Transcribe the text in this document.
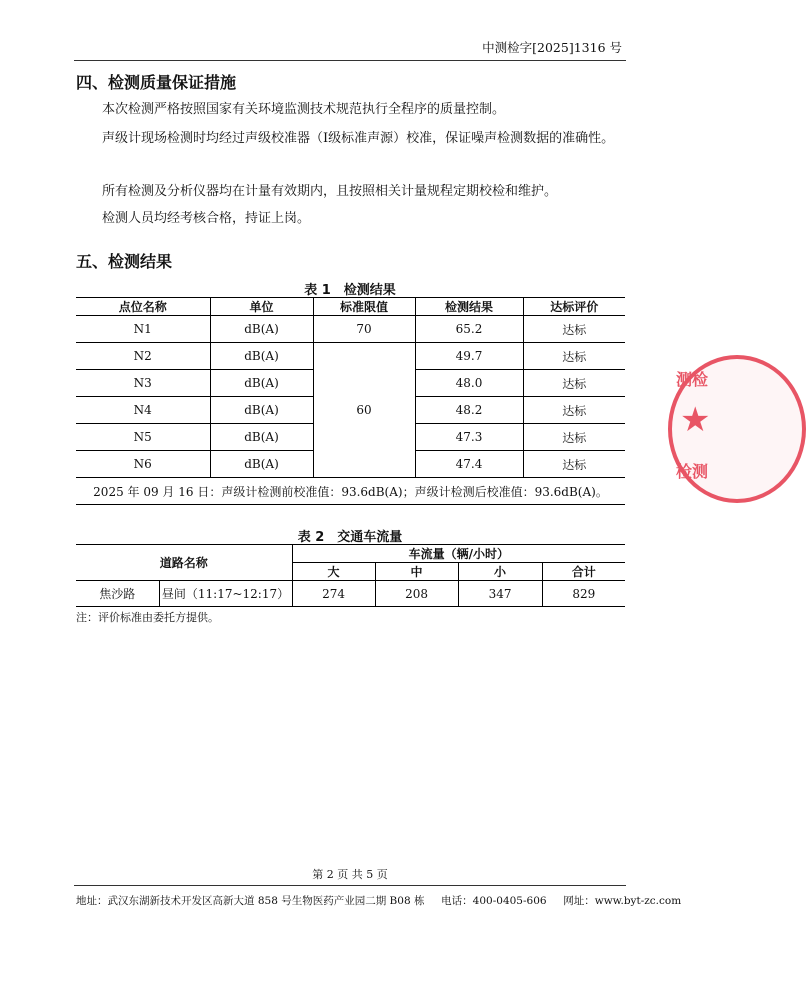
中测检字[2025]1316 号
四、检测质量保证措施
本次检测严格按照国家有关环境监测技术规范执行全程序的质量控制。
声级计现场检测时均经过声级校准器（Ⅰ级标准声源）校准，保证噪声检测数据的准确性。
所有检测及分析仪器均在计量有效期内，且按照相关计量规程定期校检和维护。
检测人员均经考核合格，持证上岗。
五、检测结果
表 1　检测结果
点位名称	单位	标准限值	检测结果	达标评价
N1	dB(A)	70	65.2	达标
N2	dB(A)	60	49.7	达标
N3	dB(A)		48.0	达标
N4	dB(A)		48.2	达标
N5	dB(A)		47.3	达标
N6	dB(A)		47.4	达标
2025 年 09 月 16 日：声级计检测前校准值：93.6dB(A)；声级计检测后校准值：93.6dB(A)。				
表 2　交通车流量
道路名称		车流量（辆/小时）			
		大	中	小	合计
焦沙路	昼间（11:17~12:17）	274	208	347	829
注：评价标准由委托方提供。
测检
★
检测
第 2 页 共 5 页
地址：武汉东湖新技术开发区高新大道 858 号生物医药产业园二期 B08 栋 电话：400-0405-606 网址：www.byt-zc.com
